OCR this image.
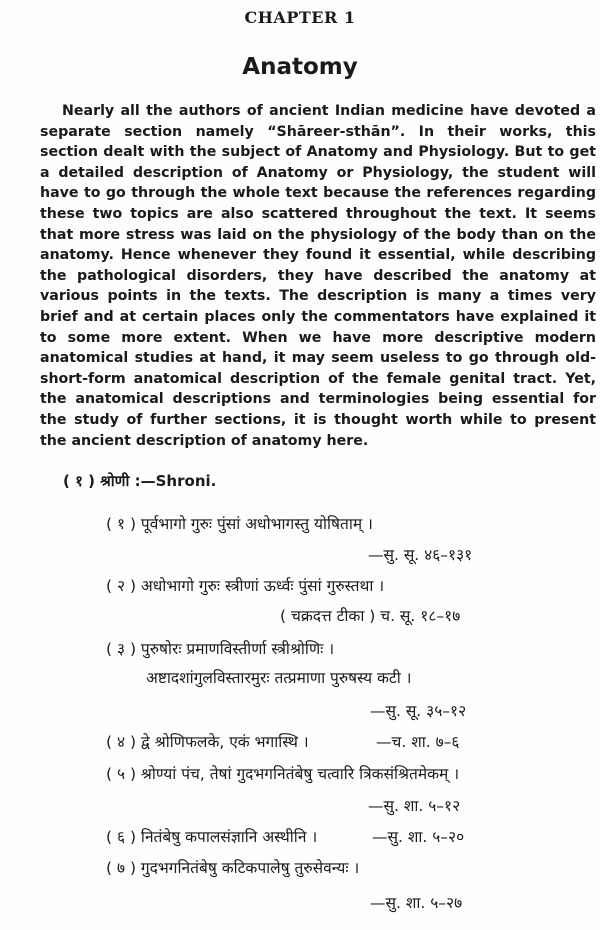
CHAPTER 1
Anatomy
Nearly all the authors of ancient Indian medicine have devoted a separate section namely “Shāreer-sthān”. In their works, this section dealt with the subject of Anatomy and Physiology. But to get a detailed description of Anatomy or Physiology, the student will have to go through the whole text because the references regarding these two topics are also scattered throughout the text. It seems that more stress was laid on the physiology of the body than on the anatomy. Hence whenever they found it essential, while describing the pathological disorders, they have described the anatomy at various points in the texts. The description is many a times very brief and at certain places only the commentators have explained it to some more extent. When we have more descriptive modern anatomical studies at hand, it may seem useless to go through old-short-form anatomical description of the female genital tract. Yet, the anatomical descriptions and terminologies being essential for the study of further sections, it is thought worth while to present the ancient description of anatomy here.
( १ ) श्रोणी :—Shroni.
( १ ) पूर्वभागो गुरुः पुंसां अधोभागस्तु योषिताम् ।
—सु. सू. ४६–१३१
( २ ) अधोभागो गुरुः स्त्रीणां ऊर्ध्वः पुंसां गुरुस्तथा ।
( चक्रदत्त टीका ) च. सू. १८–१७
( ३ ) पुरुषोरः प्रमाणविस्तीर्णा स्त्रीश्रोणिः ।
अष्टादशांगुलविस्तारमुरः तत्प्रमाणा पुरुषस्य कटी ।
—सु. सू. ३५–१२
( ४ ) द्वे श्रोणिफलके, एकं भगास्थि ।	—च. शा. ७–६
( ५ ) श्रोण्यां पंच, तेषां गुदभगनितंबेषु चत्वारि त्रिकसंश्रितमेकम् ।
—सु. शा. ५–१२
( ६ ) नितंबेषु कपालसंज्ञानि अस्थीनि ।	—सु. शा. ५–२०
( ७ ) गुदभगनितंबेषु कटिकपालेषु तुरुसेवन्यः ।
—सु. शा. ५–२७
